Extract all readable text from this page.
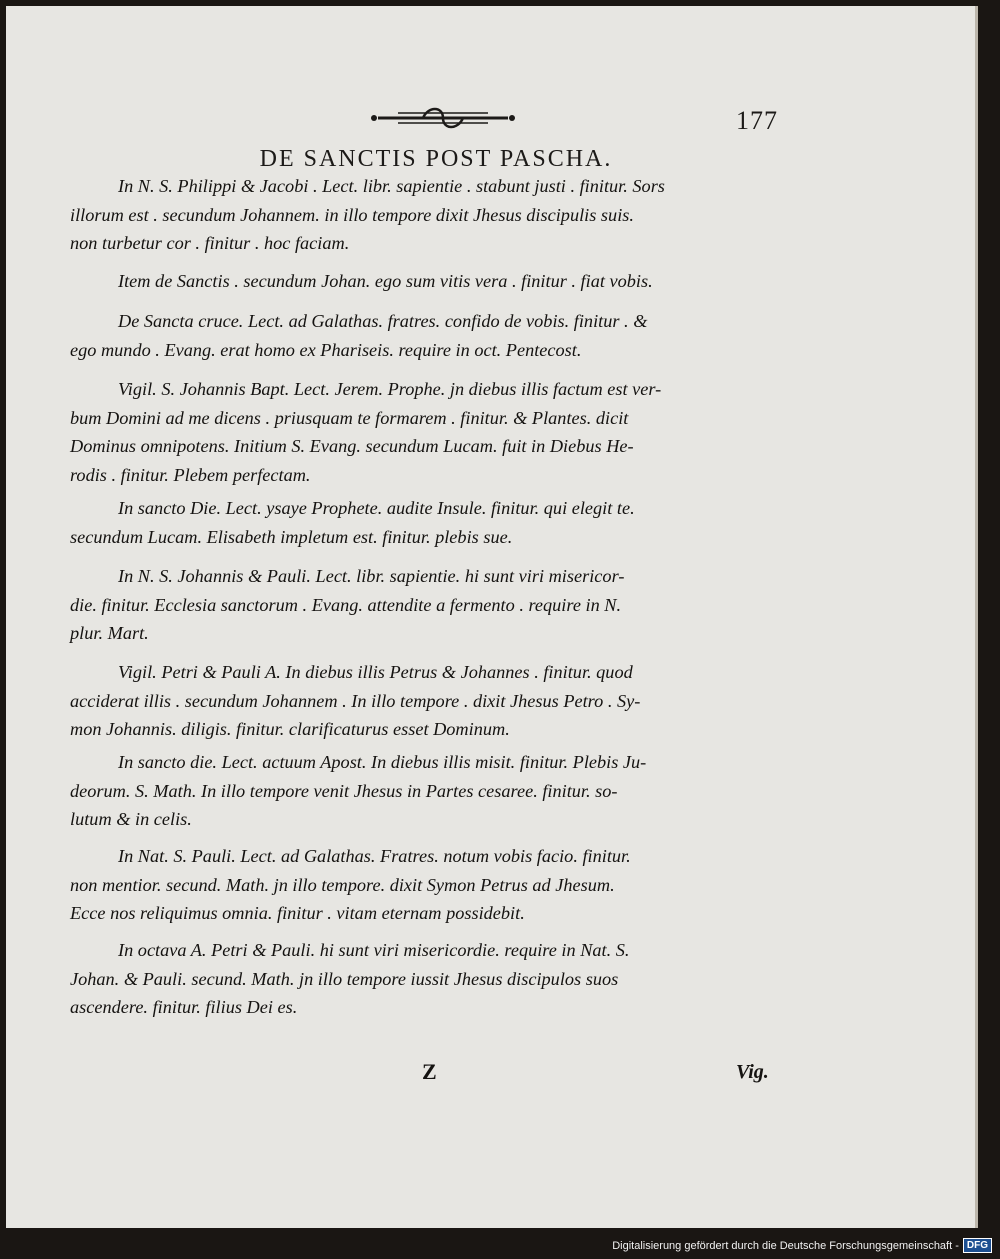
177
DE SANCTIS POST PASCHA.
In N. S. Philippi & Jacobi . Lect. libr. sapientie . stabunt justi . finitur. Sors
illorum est . secundum Johannem. in illo tempore dixit Jhesus discipulis suis.
non turbetur cor . finitur . hoc faciam.
Item de Sanctis . secundum Johan. ego sum vitis vera . finitur . fiat vobis.
De Sancta cruce. Lect. ad Galathas. fratres. confido de vobis. finitur . &
ego mundo . Evang. erat homo ex Phariseis. require in oct. Pentecost.
Vigil. S. Johannis Bapt. Lect. Jerem. Prophe. jn diebus illis factum est ver-
bum Domini ad me dicens . priusquam te formarem . finitur. & Plantes. dicit
Dominus omnipotens. Initium S. Evang. secundum Lucam. fuit in Diebus He-
rodis . finitur. Plebem perfectam.
In sancto Die. Lect. ysaye Prophete. audite Insule. finitur. qui elegit te.
secundum Lucam. Elisabeth impletum est. finitur. plebis sue.
In N. S. Johannis & Pauli. Lect. libr. sapientie. hi sunt viri misericor-
die. finitur. Ecclesia sanctorum . Evang. attendite a fermento . require in N.
plur. Mart.
Vigil. Petri & Pauli A. In diebus illis Petrus & Johannes . finitur. quod
acciderat illis . secundum Johannem . In illo tempore . dixit Jhesus Petro . Sy-
mon Johannis. diligis. finitur. clarificaturus esset Dominum.
In sancto die. Lect. actuum Apost. In diebus illis misit. finitur. Plebis Ju-
deorum. S. Math. In illo tempore venit Jhesus in Partes cesaree. finitur. so-
lutum & in celis.
In Nat. S. Pauli. Lect. ad Galathas. Fratres. notum vobis facio. finitur.
non mentior. secund. Math. jn illo tempore. dixit Symon Petrus ad Jhesum.
Ecce nos reliquimus omnia. finitur . vitam eternam possidebit.
In octava A. Petri & Pauli. hi sunt viri misericordie. require in Nat. S.
Johan. & Pauli. secund. Math. jn illo tempore iussit Jhesus discipulos suos
ascendere. finitur. filius Dei es.
Z	Vig.
Digitalisierung gefördert durch die Deutsche Forschungsgemeinschaft - DFG
